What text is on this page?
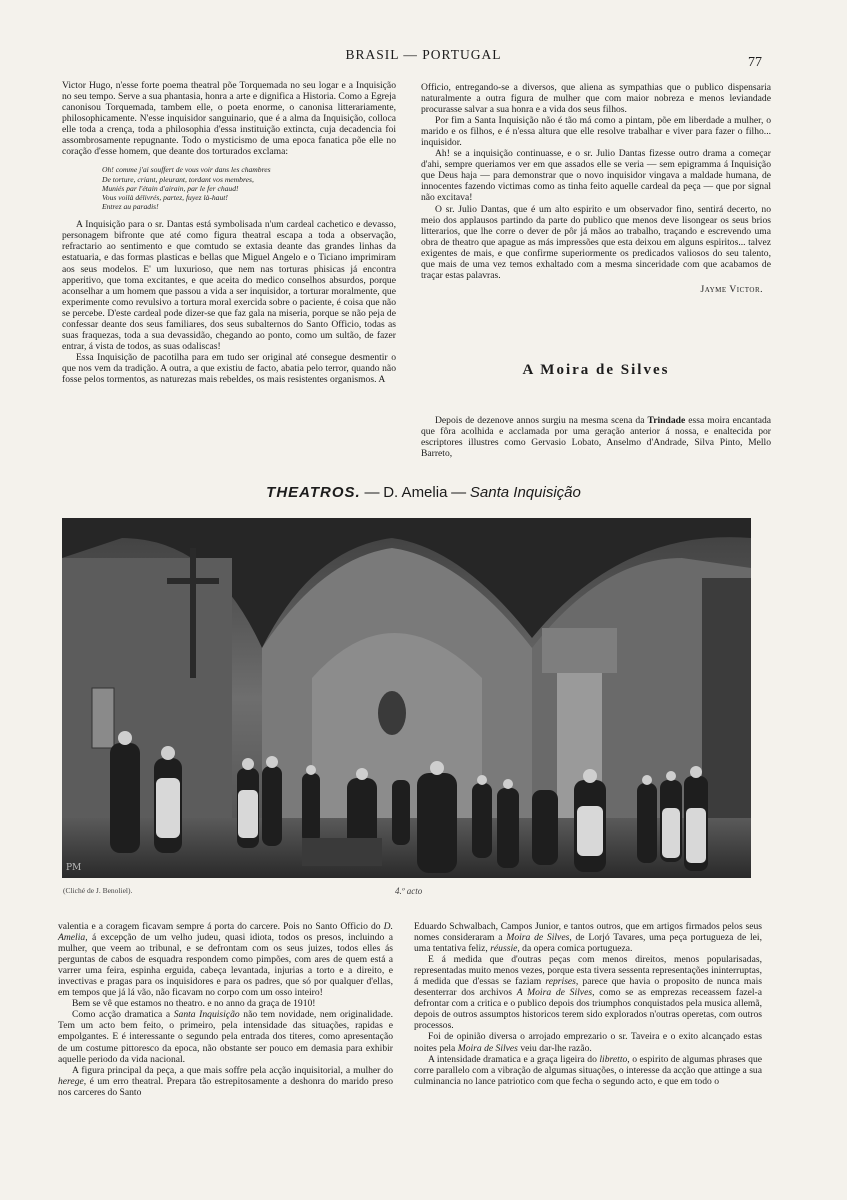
BRASIL — PORTUGAL
77

Victor Hugo, n'esse forte poema theatral põe Torquemada no seu logar e a Inquisição no seu tempo. Serve a sua phantasia, honra a arte e dignifica a Historia. Como a Egreja canonisou Torquemada, tambem elle, o poeta enorme, o canonisa litterariamente, philosophicamente. N'esse inquisidor sanguinario, que é a alma da Inquisição, colloca elle toda a crença, toda a philosophia d'essa instituição extincta, cuja decadencia foi assombrosamente repugnante. Todo o mysticismo de uma epoca fanatica põe elle no coração d'esse homem, que deante dos torturados exclama:

Oh! comme j'ai souffert de vous voir dans les chambres
De torture, criant, pleurant, tordant vos membres,
Muniés par l'étain d'airain, par le fer chaud!
Vous voilà délivrés, partez, fuyez là-haut!
Entrez au paradis!

A Inquisição para o sr. Dantas está symbolisada n'um cardeal cachetico e devasso, personagem bifronte que até como figura theatral escapa a toda a observação, refractario ao sentimento e que comtudo se extasia deante das grandes linhas da estatuaria, e das formas plasticas e bellas que Miguel Angelo e o Ticiano imprimiram aos seus modelos. E' um luxurioso, que nem nas torturas phisicas já encontra apperitivo, que toma excitantes, e que aceita do medico conselhos absurdos, porque aconselhar a um homem que passou a vida a ser inquisidor, a torturar moralmente, que experimente como revulsivo a tortura moral exercida sobre o paciente, é coisa que não se percebe. D'este cardeal pode dizer-se que faz gala na miseria, porque se não peja de confessar deante dos seus familiares, dos seus subalternos do Santo Officio, todas as suas fraquezas, toda a sua devassidão, chegando ao ponto, como um sultão, de fazer entrar, á vista de todos, as suas odaliscas!

Essa Inquisição de pacotilha para em tudo ser original até consegue desmentir o que nos vem da tradição. A outra, a que existiu de facto, abatia pelo terror, quando não fosse pelos tormentos, as naturezas mais rebeldes, os mais resistentes organismos. A

Officio, entregando-se a diversos, que aliena as sympathias que o publico dispensaria naturalmente a outra figura de mulher que com maior nobreza e menos leviandade procurasse salvar a sua honra e a vida dos seus filhos.

Por fim a Santa Inquisição não é tão má como a pintam, põe em liberdade a mulher, o marido e os filhos, e é n'essa altura que elle resolve trabalhar e viver para fazer o filho... inquisidor.

Ah! se a inquisição continuasse, e o sr. Julio Dantas fizesse outro drama a começar d'ahi, sempre queriamos ver em que assados elle se veria — sem epigramma á Inquisição que Deus haja — para demonstrar que o novo inquisidor vingava a maldade humana, de innocentes fazendo victimas como as tinha feito aquelle cardeal da peça — que por signal não excitava!

O sr. Julio Dantas, que é um alto espirito e um observador fino, sentirá decerto, no meio dos applausos partindo da parte do publico que menos deve lisongear os seus brios litterarios, que lhe corre o dever de pôr já mãos ao trabalho, traçando e escrevendo uma obra de theatro que apague as más impressões que esta deixou em alguns espiritos... talvez exigentes de mais, e que confirme superiormente os predicados valiosos do seu talento, que mais de uma vez temos exhaltado com a mesma sinceridade com que acabamos de traçar estas palavras.

Jayme Victor.
A Moira de Silves

Depois de dezenove annos surgiu na mesma scena da Trindade essa moira encantada que fôra acolhida e acclamada por uma geração anterior á nossa, e enaltecida por escriptores illustres como Gervasio Lobato, Anselmo d'Andrade, Silva Pinto, Mello Barreto,

THEATROS. — D. Amelia — Santa Inquisição
PM
(Cliché de J. Benoliel).	4.º acto

valentia e a coragem ficavam sempre á porta do carcere. Pois no Santo Officio do D. Amelia, á excepção de um velho judeu, quasi idiota, todos os presos, incluindo a mulher, que veem ao tribunal, e se defrontam com os seus juizes, todos elles ás perguntas de cabos de esquadra respondem como pimpões, com ares de quem está a varrer uma feira, espinha erguida, cabeça levantada, injurias a torto e a direito, e invectivas e pragas para os inquisidores e para os padres, que só por qualquer d'ellas, em tempos que já lá vão, não ficavam no corpo com um osso inteiro!

Bem se vê que estamos no theatro. e no anno da graça de 1910!

Como acção dramatica a Santa Inquisição não tem novidade, nem originalidade. Tem um acto bem feito, o primeiro, pela intensidade das situações, rapidas e empolgantes. E é interessante o segundo pela entrada dos titeres, como apresentação de um costume pittoresco da epoca, não obstante ser pouco em demasia para exhibir aquelle periodo da vida nacional.

A figura principal da peça, a que mais soffre pela acção inquisitorial, a mulher do herege, é um erro theatral. Prepara tão estrepitosamente a deshonra do marido preso nos carceres do Santo

Eduardo Schwalbach, Campos Junior, e tantos outros, que em artigos firmados pelos seus nomes consideraram a Moira de Silves, de Lorjó Tavares, uma peça portugueza de lei, uma tentativa feliz, réussie, da opera comica portugueza.

E á medida que d'outras peças com menos direitos, menos popularisadas, representadas muito menos vezes, porque esta tivera sessenta representações ininterruptas, á medida que d'essas se faziam reprises, parece que havia o proposito de nunca mais desenterrar dos archivos A Moira de Silves, como se as emprezas receassem fazel-a defrontar com a critica e o publico depois dos triumphos conquistados pela musica allemã, depois de outros assumptos historicos terem sido explorados n'outras operetas, com outros processos.

Foi de opinião diversa o arrojado emprezario o sr. Taveira e o exito alcançado estas noites pela Moira de Silves veiu dar-lhe razão.

A intensidade dramatica e a graça ligeira do libretto, o espirito de algumas phrases que corre parallelo com a vibração de algumas situações, o interesse da acção que attinge a sua culminancia no lance patriotico com que fecha o segundo acto, e que em todo o
